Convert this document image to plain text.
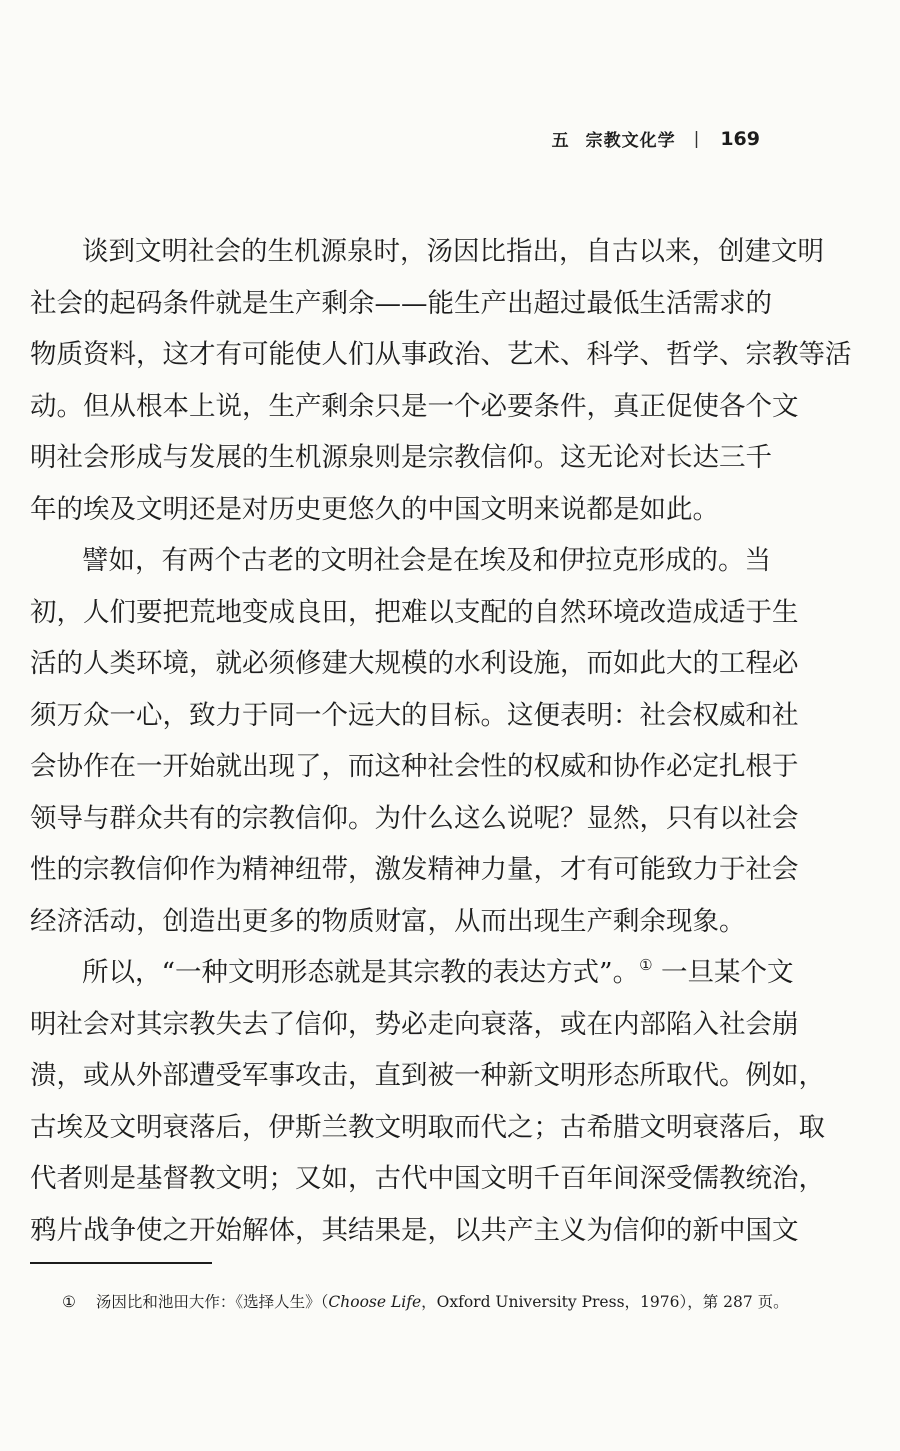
五 宗教文化学 | 169
谈到文明社会的生机源泉时，汤因比指出，自古以来，创建文明
社会的起码条件就是生产剩余——能生产出超过最低生活需求的
物质资料，这才有可能使人们从事政治、艺术、科学、哲学、宗教等活
动。但从根本上说，生产剩余只是一个必要条件，真正促使各个文
明社会形成与发展的生机源泉则是宗教信仰。这无论对长达三千
年的埃及文明还是对历史更悠久的中国文明来说都是如此。
譬如，有两个古老的文明社会是在埃及和伊拉克形成的。当
初，人们要把荒地变成良田，把难以支配的自然环境改造成适于生
活的人类环境，就必须修建大规模的水利设施，而如此大的工程必
须万众一心，致力于同一个远大的目标。这便表明：社会权威和社
会协作在一开始就出现了，而这种社会性的权威和协作必定扎根于
领导与群众共有的宗教信仰。为什么这么说呢？显然，只有以社会
性的宗教信仰作为精神纽带，激发精神力量，才有可能致力于社会
经济活动，创造出更多的物质财富，从而出现生产剩余现象。
所以，“一种文明形态就是其宗教的表达方式”。① 一旦某个文
明社会对其宗教失去了信仰，势必走向衰落，或在内部陷入社会崩
溃，或从外部遭受军事攻击，直到被一种新文明形态所取代。例如，
古埃及文明衰落后，伊斯兰教文明取而代之；古希腊文明衰落后，取
代者则是基督教文明；又如，古代中国文明千百年间深受儒教统治，
鸦片战争使之开始解体，其结果是，以共产主义为信仰的新中国文
① 汤因比和池田大作：《选择人生》（Choose Life，Oxford University Press，1976），第 287 页。
